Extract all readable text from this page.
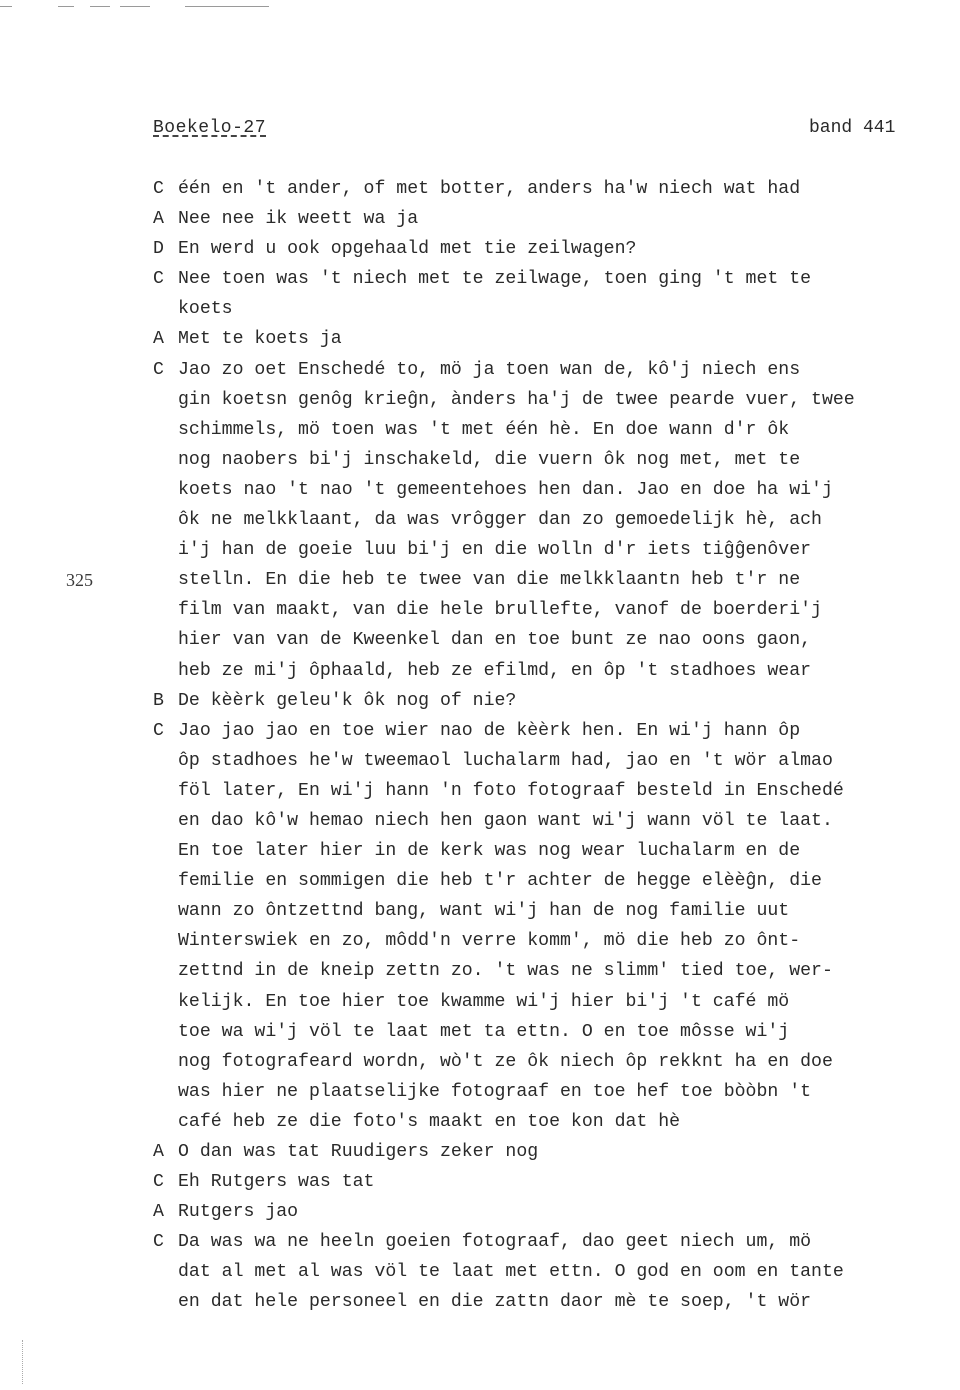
Boekelo-27	band 441
325
C één en 't ander, of met botter, anders ha'w niech wat had
A Nee nee ik weett wa ja
D En werd u ook opgehaald met tie zeilwagen?
C Nee toen was 't niech met te zeilwage, toen ging 't met te
koets
A Met te koets ja
C Jao zo oet Enschedé to, mö ja toen wan de, kô'j niech ens
gin koetsn genôg krieĝn, ànders ha'j de twee pearde vuer, twee
schimmels, mö toen was 't met één hè. En doe wann d'r ôk
nog naobers bi'j inschakeld, die vuern ôk nog met, met te
koets nao 't nao 't gemeentehoes hen dan. Jao en doe ha wi'j
ôk ne melkklaant, da was vrôgger dan zo gemoedelijk hè, ach
i'j han de goeie luu bi'j en die wolln d'r iets tiĝĝenôver
stelln. En die heb te twee van die melkklaantn heb t'r ne
film van maakt, van die hele brullefte, vanof de boerderi'j
hier van van de Kweenkel dan en toe bunt ze nao oons gaon,
heb ze mi'j ôphaald, heb ze efilmd, en ôp 't stadhoes wear
B De kèèrk geleu'k ôk nog of nie?
C Jao jao jao en toe wier nao de kèèrk hen. En wi'j hann ôp
ôp stadhoes he'w tweemaol luchalarm had, jao en 't wör almao
föl later, En wi'j hann 'n foto fotograaf besteld in Enschedé
en dao kô'w hemao niech hen gaon want wi'j wann völ te laat.
En toe later hier in de kerk was nog wear luchalarm en de
femilie en sommigen die heb t'r achter de hegge elèèĝn, die
wann zo ôntzettnd bang, want wi'j han de nog familie uut
Winterswiek en zo, môdd'n verre komm', mö die heb zo ônt-
zettnd in de kneip zettn zo. 't was ne slimm' tied toe, wer-
kelijk. En toe hier toe kwamme wi'j hier bi'j 't café mö
toe wa wi'j völ te laat met ta ettn. O en toe môsse wi'j
nog fotografeard wordn, wò't ze ôk niech ôp rekknt ha en doe
was hier ne plaatselijke fotograaf en toe hef toe bòòbn 't
café heb ze die foto's maakt en toe kon dat hè
A O dan was tat Ruudigers zeker nog
C Eh Rutgers was tat
A Rutgers jao
C Da was wa ne heeln goeien fotograaf, dao geet niech um, mö
dat al met al was völ te laat met ettn. O god en oom en tante
en dat hele personeel en die zattn daor mè te soep, 't wör
